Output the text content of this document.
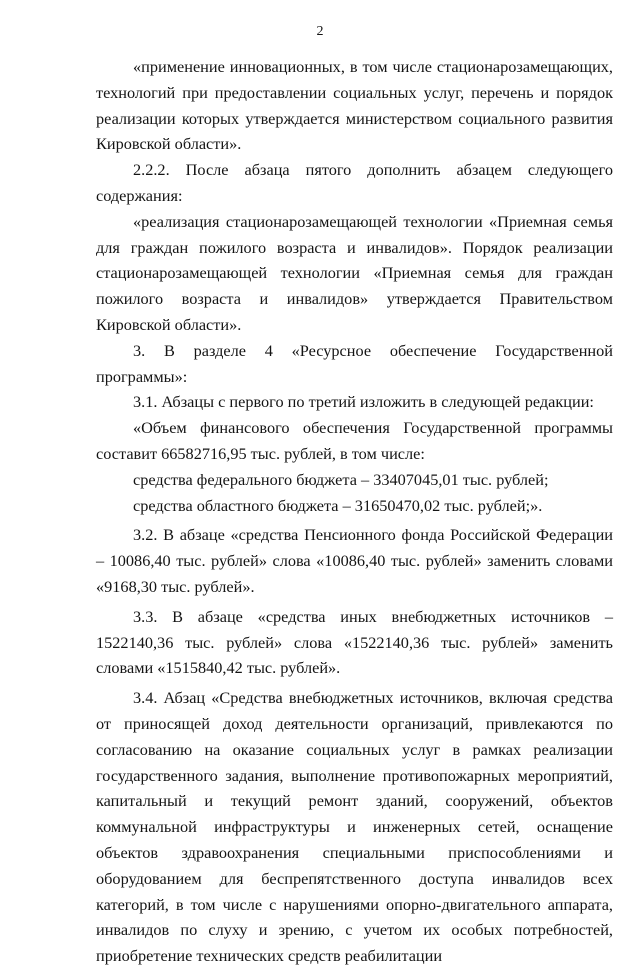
2

«применение инновационных, в том числе стационарозамещающих, технологий при предоставлении социальных услуг, перечень и порядок реализации которых утверждается министерством социального развития Кировской области».

2.2.2. После абзаца пятого дополнить абзацем следующего содержания:

«реализация стационарозамещающей технологии «Приемная семья для граждан пожилого возраста и инвалидов». Порядок реализации стационарозамещающей технологии «Приемная семья для граждан пожилого возраста и инвалидов» утверждается Правительством Кировской области».

3. В разделе 4 «Ресурсное обеспечение Государственной программы»:

3.1. Абзацы с первого по третий изложить в следующей редакции:

«Объем финансового обеспечения Государственной программы составит 66582716,95 тыс. рублей, в том числе:

средства федерального бюджета – 33407045,01 тыс. рублей;

средства областного бюджета – 31650470,02 тыс. рублей;».

3.2. В абзаце «средства Пенсионного фонда Российской Федерации – 10086,40 тыс. рублей» слова «10086,40 тыс. рублей» заменить словами «9168,30 тыс. рублей».

3.3. В абзаце «средства иных внебюджетных источников – 1522140,36 тыс. рублей» слова «1522140,36 тыс. рублей» заменить словами «1515840,42 тыс. рублей».

3.4. Абзац «Средства внебюджетных источников, включая средства от приносящей доход деятельности организаций, привлекаются по согласованию на оказание социальных услуг в рамках реализации государственного задания, выполнение противопожарных мероприятий, капитальный и текущий ремонт зданий, сооружений, объектов коммунальной инфраструктуры и инженерных сетей, оснащение объектов здравоохранения специальными приспособлениями и оборудованием для беспрепятственного доступа инвалидов всех категорий, в том числе с нарушениями опорно-двигательного аппарата, инвалидов по слуху и зрению, с учетом их особых потребностей, приобретение технических средств реабилитации
